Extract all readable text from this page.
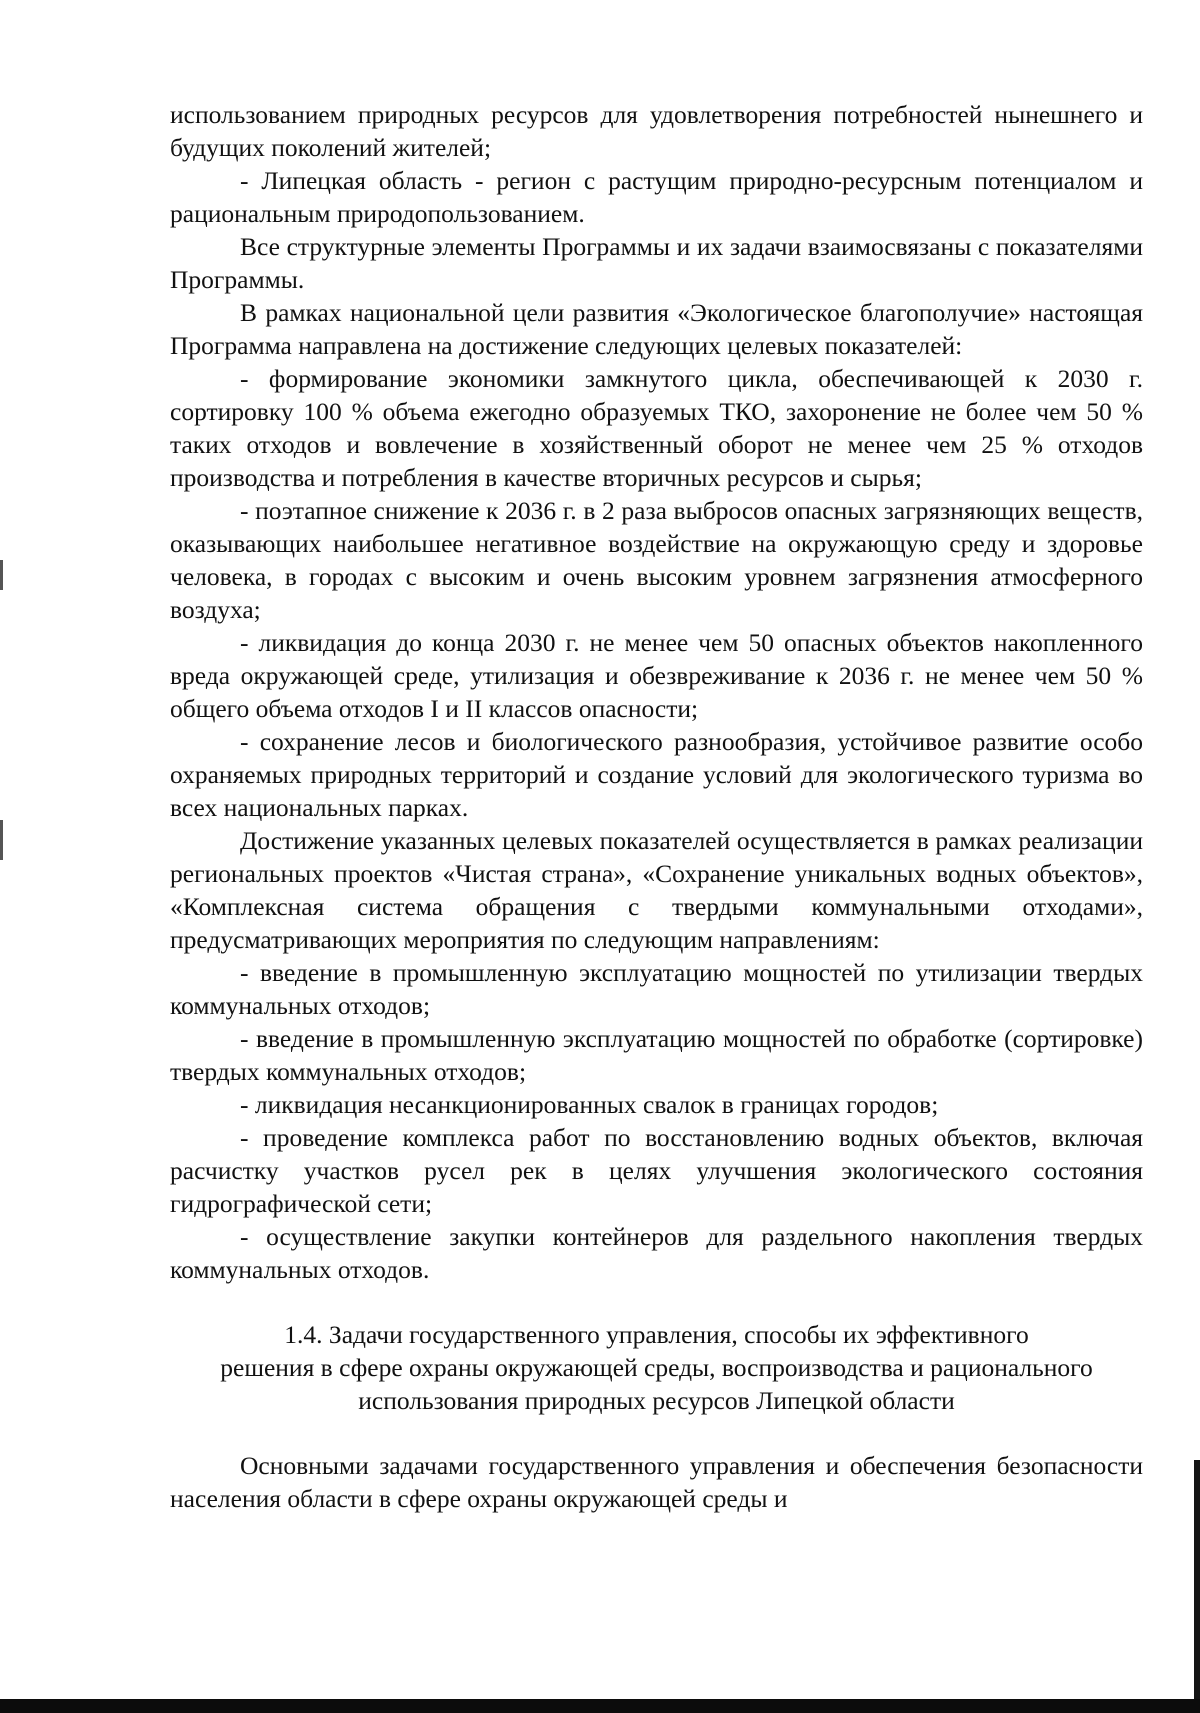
использованием природных ресурсов для удовлетворения потребностей нынешнего и будущих поколений жителей;

- Липецкая область - регион с растущим природно-ресурсным потенциалом и рациональным природопользованием.

Все структурные элементы Программы и их задачи взаимосвязаны с показателями Программы.

В рамках национальной цели развития «Экологическое благополучие» настоящая Программа направлена на достижение следующих целевых показателей:

- формирование экономики замкнутого цикла, обеспечивающей к 2030 г. сортировку 100 % объема ежегодно образуемых ТКО, захоронение не более чем 50 % таких отходов и вовлечение в хозяйственный оборот не менее чем 25 % отходов производства и потребления в качестве вторичных ресурсов и сырья;

- поэтапное снижение к 2036 г. в 2 раза выбросов опасных загрязняющих веществ, оказывающих наибольшее негативное воздействие на окружающую среду и здоровье человека, в городах с высоким и очень высоким уровнем загрязнения атмосферного воздуха;

- ликвидация до конца 2030 г. не менее чем 50 опасных объектов накопленного вреда окружающей среде, утилизация и обезвреживание к 2036 г. не менее чем 50 % общего объема отходов I и II классов опасности;

- сохранение лесов и биологического разнообразия, устойчивое развитие особо охраняемых природных территорий и создание условий для экологического туризма во всех национальных парках.

Достижение указанных целевых показателей осуществляется в рамках реализации региональных проектов «Чистая страна», «Сохранение уникальных водных объектов», «Комплексная система обращения с твердыми коммунальными отходами», предусматривающих мероприятия по следующим направлениям:

- введение в промышленную эксплуатацию мощностей по утилизации твердых коммунальных отходов;

- введение в промышленную эксплуатацию мощностей по обработке (сортировке) твердых коммунальных отходов;

- ликвидация несанкционированных свалок в границах городов;

- проведение комплекса работ по восстановлению водных объектов, включая расчистку участков русел рек в целях улучшения экологического состояния гидрографической сети;

- осуществление закупки контейнеров для раздельного накопления твердых коммунальных отходов.

1.4. Задачи государственного управления, способы их эффективного
решения в сфере охраны окружающей среды, воспроизводства и рационального
использования природных ресурсов Липецкой области

Основными задачами государственного управления и обеспечения безопасности населения области в сфере охраны окружающей среды и
